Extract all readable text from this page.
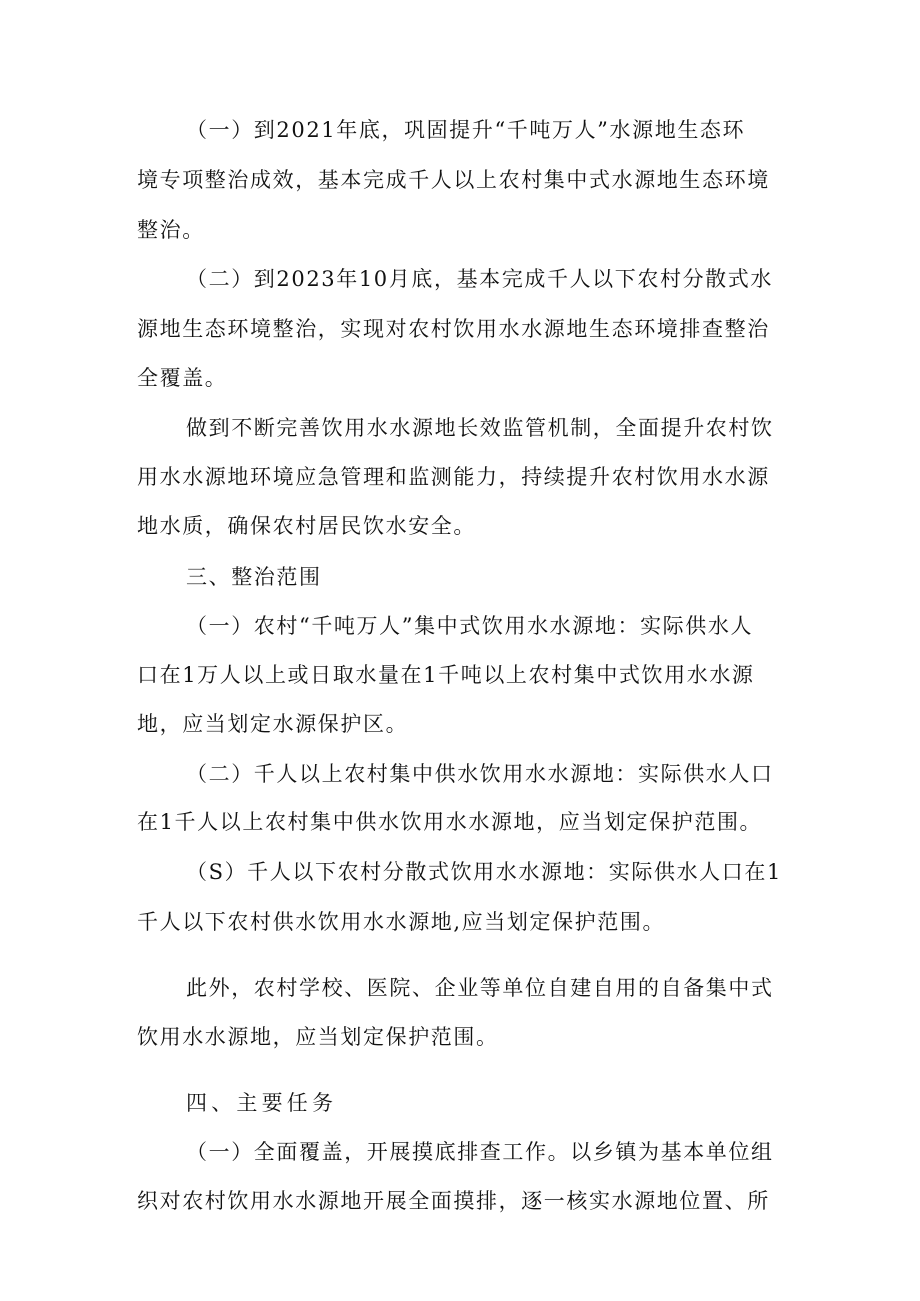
（一）到2021年底，巩固提升“千吨万人”水源地生态环
境专项整治成效，基本完成千人以上农村集中式水源地生态环境
整治。
（二）到2023年10月底，基本完成千人以下农村分散式水
源地生态环境整治，实现对农村饮用水水源地生态环境排查整治
全覆盖。
做到不断完善饮用水水源地长效监管机制，全面提升农村饮
用水水源地环境应急管理和监测能力，持续提升农村饮用水水源
地水质，确保农村居民饮水安全。
三、整治范围
（一）农村“千吨万人”集中式饮用水水源地：实际供水人
口在1万人以上或日取水量在1千吨以上农村集中式饮用水水源
地，应当划定水源保护区。
（二）千人以上农村集中供水饮用水水源地：实际供水人口
在1千人以上农村集中供水饮用水水源地，应当划定保护范围。
（S）千人以下农村分散式饮用水水源地：实际供水人口在1
千人以下农村供水饮用水水源地,应当划定保护范围。
此外，农村学校、医院、企业等单位自建自用的自备集中式
饮用水水源地，应当划定保护范围。
四、主要任务
（一）全面覆盖，开展摸底排查工作。以乡镇为基本单位组
织对农村饮用水水源地开展全面摸排，逐一核实水源地位置、所
